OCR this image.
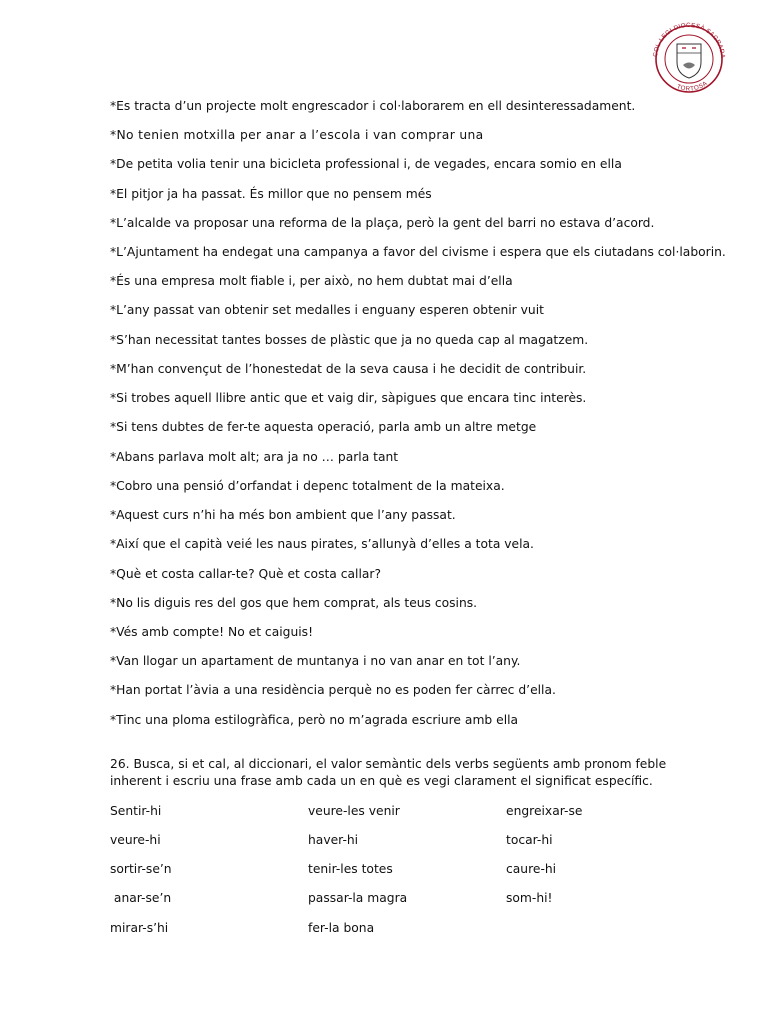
COL·LEGI DIOCESÀ SAGRADA
TORTOSA
*Es tracta d’un projecte molt engrescador i col·laborarem en ell desinteressadament.
*No tenien motxilla per anar a l’escola i van comprar una
*De petita volia tenir una bicicleta professional i, de vegades, encara somio en ella
*El pitjor ja ha passat. És millor que no pensem més
*L’alcalde va proposar una reforma de la plaça, però la gent del barri no estava d’acord.
*L’Ajuntament ha endegat una campanya a favor del civisme i espera que els ciutadans col·laborin.
*És una empresa molt fiable i, per això, no hem dubtat mai d’ella
*L’any passat van obtenir set medalles i enguany esperen obtenir vuit
*S’han necessitat tantes bosses de plàstic que ja no queda cap al magatzem.
*M’han convençut de l’honestedat de la seva causa i he decidit de contribuir.
*Si trobes aquell llibre antic que et vaig dir, sàpigues que encara tinc interès.
*Si tens dubtes de fer-te aquesta operació, parla amb un altre metge
*Abans parlava molt alt; ara ja no … parla tant
*Cobro una pensió d’orfandat i depenc totalment de la mateixa.
*Aquest curs n’hi ha més bon ambient que l’any passat.
*Així que el capità veié les naus pirates, s’allunyà d’elles a tota vela.
*Què et costa callar-te? Què et costa callar?
*No lis diguis res del gos que hem comprat, als teus cosins.
*Vés amb compte! No et caiguis!
*Van llogar un apartament de muntanya i no van anar en tot l’any.
*Han portat l’àvia a una residència perquè no es poden fer càrrec d’ella.
*Tinc una ploma estilogràfica, però no m’agrada escriure amb ella
26. Busca, si et cal, al diccionari, el valor semàntic dels verbs següents amb pronom feble inherent i escriu una frase amb cada un en què es vegi clarament el significat específic.
Sentir-hi
veure-hi
sortir-se’n
anar-se’n
mirar-s’hi
veure-les venir
haver-hi
tenir-les totes
passar-la magra
fer-la bona
engreixar-se
tocar-hi
caure-hi
som-hi!
